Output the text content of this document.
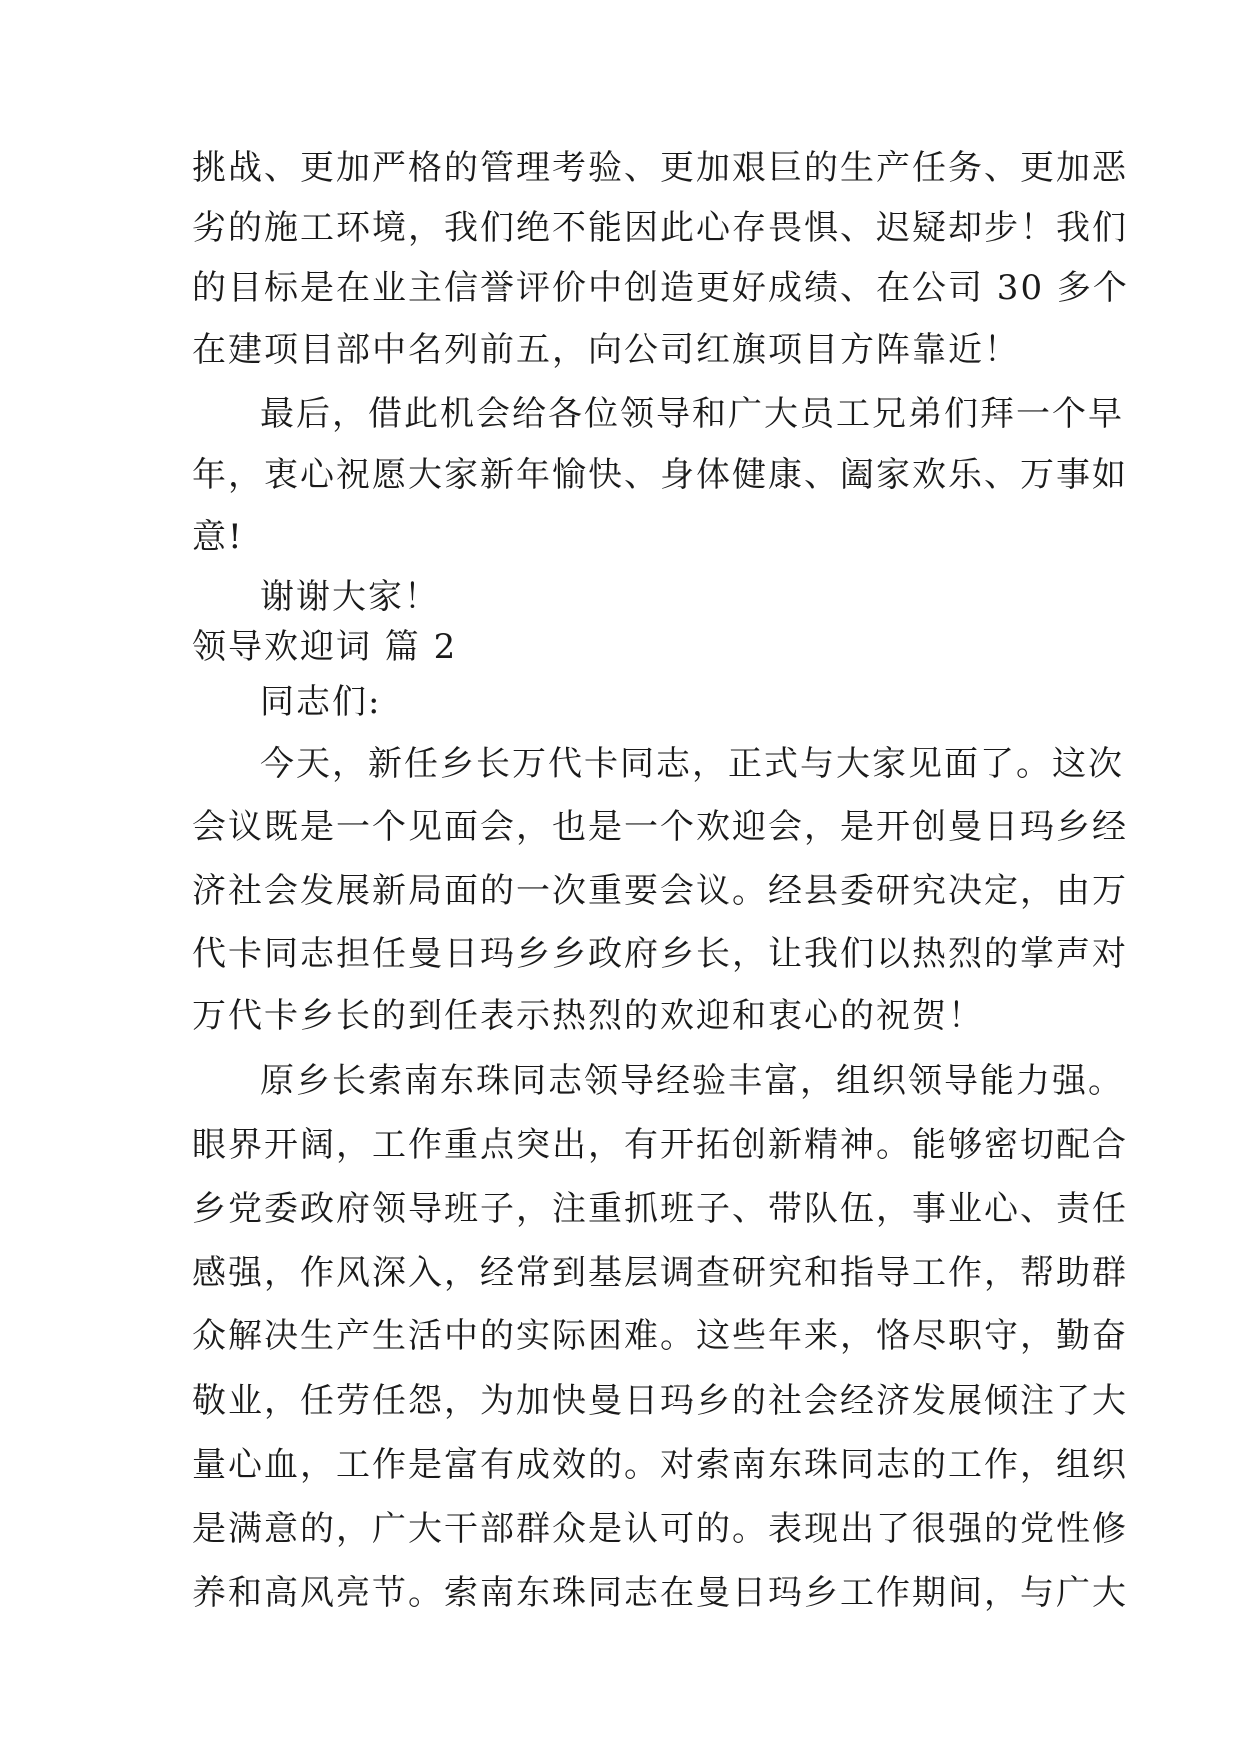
挑战、更加严格的管理考验、更加艰巨的生产任务、更加恶
劣的施工环境，我们绝不能因此心存畏惧、迟疑却步！我们
的目标是在业主信誉评价中创造更好成绩、在公司 30 多个
在建项目部中名列前五，向公司红旗项目方阵靠近！
最后，借此机会给各位领导和广大员工兄弟们拜一个早
年，衷心祝愿大家新年愉快、身体健康、阖家欢乐、万事如
意!
谢谢大家！
领导欢迎词 篇 2
同志们:
今天，新任乡长万代卡同志，正式与大家见面了。这次
会议既是一个见面会，也是一个欢迎会，是开创曼日玛乡经
济社会发展新局面的一次重要会议。经县委研究决定，由万
代卡同志担任曼日玛乡乡政府乡长，让我们以热烈的掌声对
万代卡乡长的到任表示热烈的欢迎和衷心的祝贺！
原乡长索南东珠同志领导经验丰富，组织领导能力强。
眼界开阔，工作重点突出，有开拓创新精神。能够密切配合
乡党委政府领导班子，注重抓班子、带队伍，事业心、责任
感强，作风深入，经常到基层调查研究和指导工作，帮助群
众解决生产生活中的实际困难。这些年来，恪尽职守，勤奋
敬业，任劳任怨，为加快曼日玛乡的社会经济发展倾注了大
量心血，工作是富有成效的。对索南东珠同志的工作，组织
是满意的，广大干部群众是认可的。表现出了很强的党性修
养和高风亮节。索南东珠同志在曼日玛乡工作期间，与广大
